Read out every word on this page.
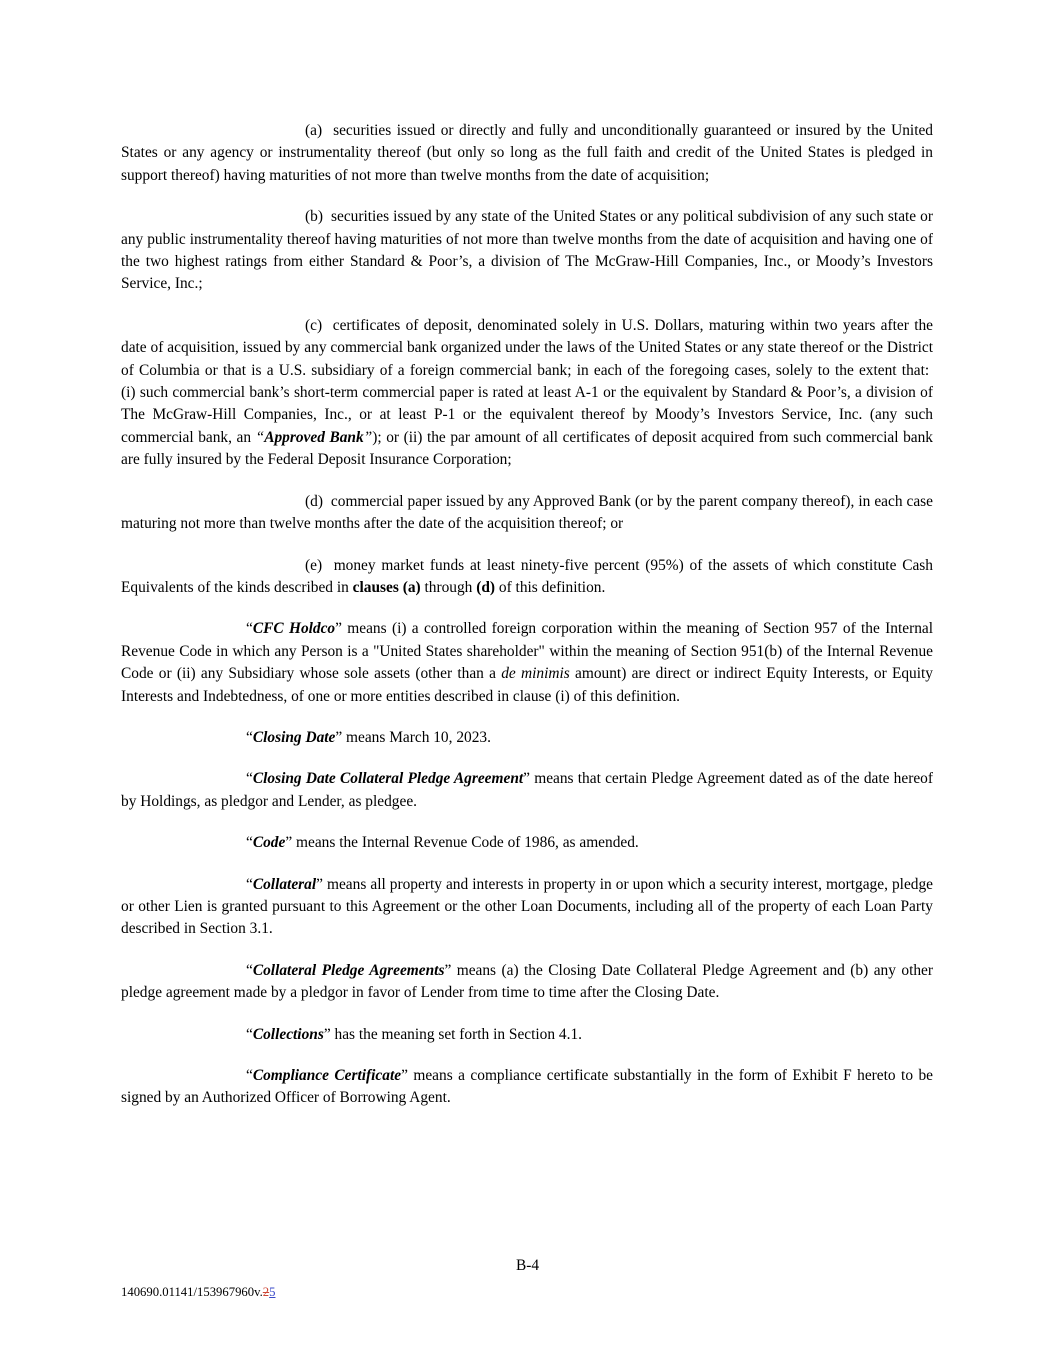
(a)  securities issued or directly and fully and unconditionally guaranteed or insured by the United States or any agency or instrumentality thereof (but only so long as the full faith and credit of the United States is pledged in support thereof) having maturities of not more than twelve months from the date of acquisition;

(b)  securities issued by any state of the United States or any political subdivision of any such state or any public instrumentality thereof having maturities of not more than twelve months from the date of acquisition and having one of the two highest ratings from either Standard & Poor’s, a division of The McGraw-Hill Companies, Inc., or Moody’s Investors Service, Inc.;

(c)  certificates of deposit, denominated solely in U.S. Dollars, maturing within two years after the date of acquisition, issued by any commercial bank organized under the laws of the United States or any state thereof or the District of Columbia or that is a U.S. subsidiary of a foreign commercial bank; in each of the foregoing cases, solely to the extent that:  (i) such commercial bank’s short-term commercial paper is rated at least A-1 or the equivalent by Standard & Poor’s, a division of The McGraw-Hill Companies, Inc., or at least P-1 or the equivalent thereof by Moody’s Investors Service, Inc. (any such commercial bank, an “Approved Bank”); or (ii) the par amount of all certificates of deposit acquired from such commercial bank are fully insured by the Federal Deposit Insurance Corporation;

(d)  commercial paper issued by any Approved Bank (or by the parent company thereof), in each case maturing not more than twelve months after the date of the acquisition thereof; or

(e)  money market funds at least ninety-five percent (95%) of the assets of which constitute Cash Equivalents of the kinds described in clauses (a) through (d) of this definition.

“CFC Holdco” means (i) a controlled foreign corporation within the meaning of Section 957 of the Internal Revenue Code in which any Person is a "United States shareholder" within the meaning of Section 951(b) of the Internal Revenue Code or (ii) any Subsidiary whose sole assets (other than a de minimis amount) are direct or indirect Equity Interests, or Equity Interests and Indebtedness, of one or more entities described in clause (i) of this definition.

“Closing Date” means March 10, 2023.

“Closing Date Collateral Pledge Agreement” means that certain Pledge Agreement dated as of the date hereof by Holdings, as pledgor and Lender, as pledgee.

“Code” means the Internal Revenue Code of 1986, as amended.

“Collateral” means all property and interests in property in or upon which a security interest, mortgage, pledge or other Lien is granted pursuant to this Agreement or the other Loan Documents, including all of the property of each Loan Party described in Section 3.1.

“Collateral Pledge Agreements” means (a) the Closing Date Collateral Pledge Agreement and (b) any other pledge agreement made by a pledgor in favor of Lender from time to time after the Closing Date.

“Collections” has the meaning set forth in Section 4.1.

“Compliance Certificate” means a compliance certificate substantially in the form of Exhibit F hereto to be signed by an Authorized Officer of Borrowing Agent.

B-4
140690.01141/153967960v.25
